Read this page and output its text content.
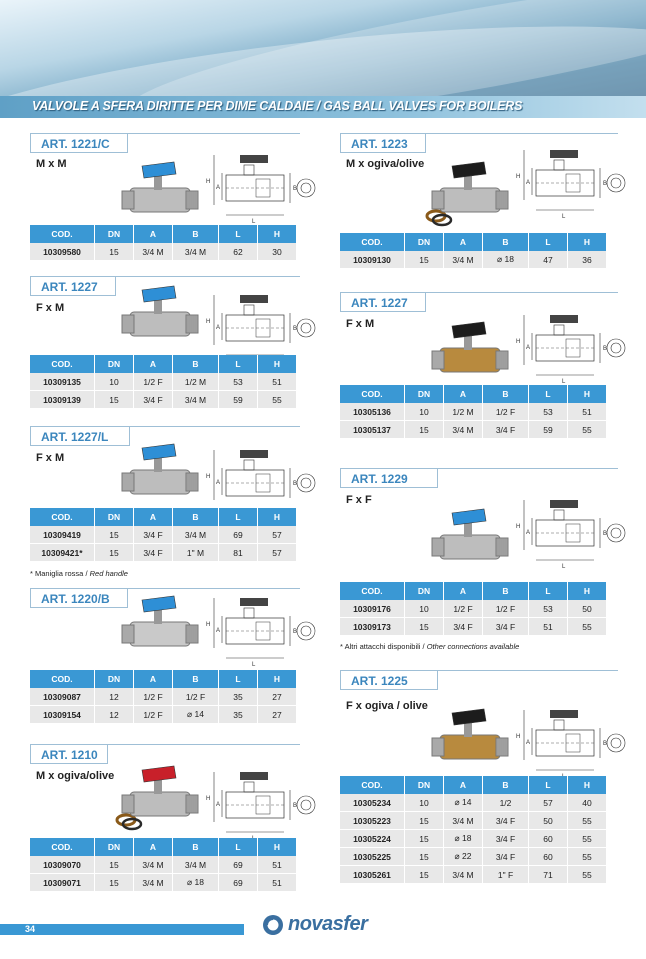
VALVOLE A SFERA DIRITTE PER DIME CALDAIE / GAS BALL VALVES FOR BOILERS
ART. 1221/C
M x M
H
A	B
L
COD.	DN	A	B	L	H
10309580	15	3/4 M	3/4 M	62	30
ART. 1227
F x M
H
A	B
COD.	DN	A	B	L	H
10309135	10	1/2 F	1/2 M	53	51
10309139	15	3/4 F	3/4 M	59	55
ART. 1227/L
F x M
H
A	B
COD.	DN	A	B	L	H
10309419	15	3/4 F	3/4 M	69	57
10309421*	15	3/4 F	1" M	81	57
* Maniglia rossa / Red handle
ART. 1220/B
H
A	B
L
COD.	DN	A	B	L	H
10309087	12	1/2 F	1/2 F	35	27
10309154	12	1/2 F	⌀ 14	35	27
ART. 1210
M x ogiva/olive
H
A	B
COD.	DN	A	B	L	H
10309070	15	3/4 M	3/4 M	69	51
10309071	15	3/4 M	⌀ 18	69	51
ART. 1223
M x ogiva/olive
H
A	B
L
COD.	DN	A	B	L	H
10309130	15	3/4 M	⌀ 18	47	36
ART. 1227
F x M
H
A	B
L
COD.	DN	A	B	L	H
10305136	10	1/2 M	1/2 F	53	51
10305137	15	3/4 M	3/4 F	59	55
ART. 1229
F x F
H
A	B
L
COD.	DN	A	B	L	H
10309176	10	1/2 F	1/2 F	53	50
10309173	15	3/4 F	3/4 F	51	55
* Altri attacchi disponibili / Other connections available
ART. 1225
F x ogiva / olive
H
A	B
COD.	DN	A	B	L	H
10305234	10	⌀ 14	1/2	57	40
10305223	15	3/4 M	3/4 F	50	55
10305224	15	⌀ 18	3/4 F	60	55
10305225	15	⌀ 22	3/4 F	60	55
10305261	15	3/4 M	1" F	71	55
34	novasfer
